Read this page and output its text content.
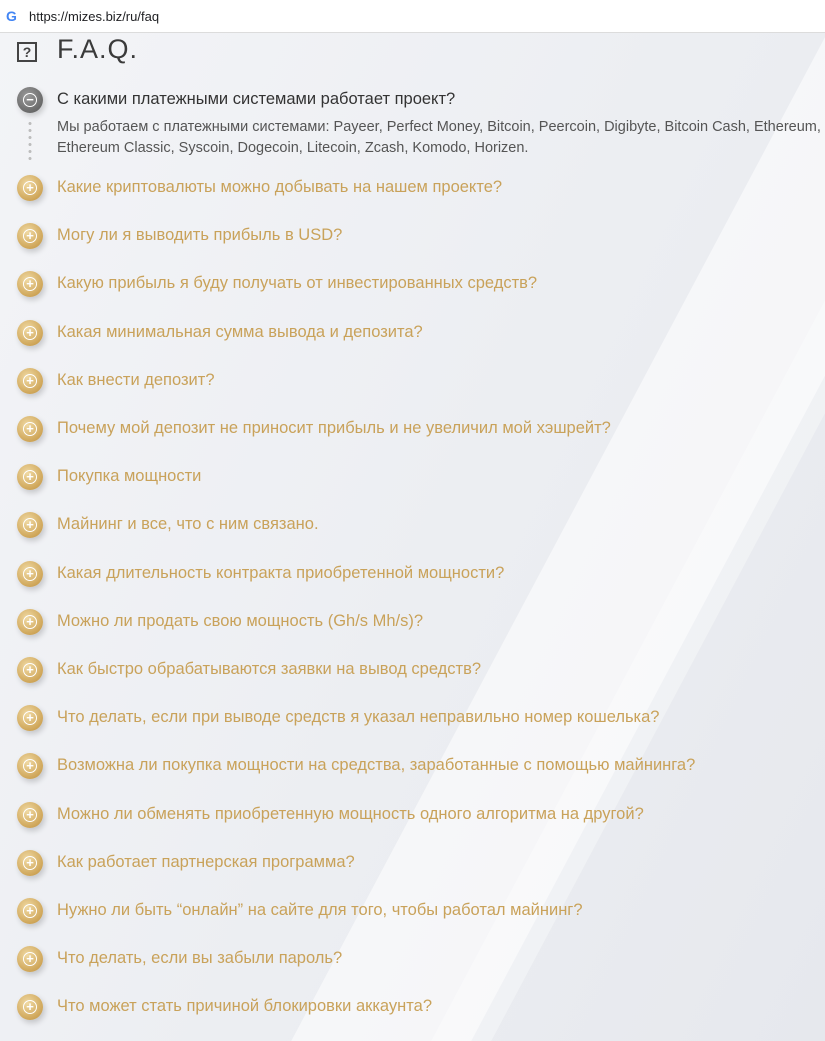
G https://mizes.biz/ru/faq
? F.A.Q.
− С какими платежными системами работает проект?
Мы работаем с платежными системами: Payeer, Perfect Money, Bitcoin, Peercoin, Digibyte, Bitcoin Cash, Ethereum, Ethereum Classic, Syscoin, Dogecoin, Litecoin, Zcash, Komodo, Horizen.
+ Какие криптовалюты можно добывать на нашем проекте?
+ Могу ли я выводить прибыль в USD?
+ Какую прибыль я буду получать от инвестированных средств?
+ Какая минимальная сумма вывода и депозита?
+ Как внести депозит?
+ Почему мой депозит не приносит прибыль и не увеличил мой хэшрейт?
+ Покупка мощности
+ Майнинг и все, что с ним связано.
+ Какая длительность контракта приобретенной мощности?
+ Можно ли продать свою мощность (Gh/s Mh/s)?
+ Как быстро обрабатываются заявки на вывод средств?
+ Что делать, если при выводе средств я указал неправильно номер кошелька?
+ Возможна ли покупка мощности на средства, заработанные с помощью майнинга?
+ Можно ли обменять приобретенную мощность одного алгоритма на другой?
+ Как работает партнерская программа?
+ Нужно ли быть “онлайн” на сайте для того, чтобы работал майнинг?
+ Что делать, если вы забыли пароль?
+ Что может стать причиной блокировки аккаунта?
